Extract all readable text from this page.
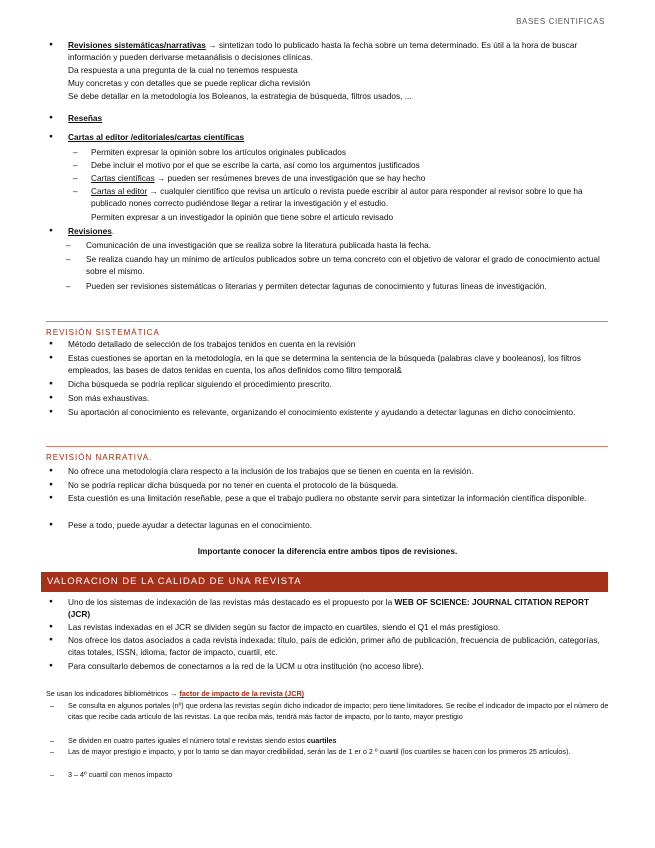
BASES CIENTIFICAS
● Revisiones sistemáticas/narrativas → sintetizan todo lo publicado hasta la fecha sobre un tema determinado. Es útil a la hora de buscar información y pueden derivarse metaanálisis o decisiones clínicas.
Da respuesta a una pregunta de la cual no tenemos respuesta
Muy concretas y con detalles que se puede replicar dicha revisión
Se debe detallar en la metodología los Boleanos, la estrategia de búsqueda, filtros usados, ...
● Reseñas
● Cartas al editor /editoriales/cartas científicas
– Permiten expresar la opinión sobre los artículos originales publicados
– Debe incluir el motivo por el que se escribe la carta, así como los argumentos justificados
– Cartas científicas → pueden ser resúmenes breves de una investigación que se hay hecho
– Cartas al editor → cualquier científico que revisa un artículo o revista puede escribir al autor para responder al revisor sobre lo que ha publicado nones correcto pudiéndose llegar a retirar la investigación y el estudio.
Permiten expresar a un investigador la opinión que tiene sobre el articulo revisado
● Revisiones.
– Comunicación de una investigación que se realiza sobre la literatura publicada hasta la fecha.
– Se realiza cuando hay un mínimo de artículos publicados sobre un tema concreto con el objetivo de valorar el grado de conocimiento actual sobre el mismo.
– Pueden ser revisiones sistemáticas o literarias y permiten detectar lagunas de conocimiento y futuras líneas de investigación.
REVISIÓN SISTEMÁTICA
● Método detallado de selección de los trabajos tenidos en cuenta en la revisión
● Estas cuestiones se aportan en la metodología, en la que se determina la sentencia de la búsqueda (palabras clave y booleanos), los filtros empleados, las bases de datos tenidas en cuenta, los años definidos como filtro temporal&
● Dicha búsqueda se podría replicar siguiendo el procedimiento prescrito.
● Son más exhaustivas.
● Su aportación al conocimiento es relevante, organizando el conocimiento existente y ayudando a detectar lagunas en dicho conocimiento.
REVISIÓN NARRATIVA.
● No ofrece una metodología clara respecto a la inclusión de los trabajos que se tienen en cuenta en la revisión.
● No se podría replicar dicha búsqueda por no tener en cuenta el protocolo de la búsqueda.
● Esta cuestión es una limitación reseñable, pese a que el trabajo pudiera no obstante servir para sintetizar la información científica disponible.
● Pese a todo, puede ayudar a detectar lagunas en el conocimiento.
Importante conocer la diferencia entre ambos tipos de revisiones.
VALORACION DE LA CALIDAD DE UNA REVISTA
● Uno de los sistemas de indexación de las revistas más destacado es el propuesto por la WEB OF SCIENCE: JOURNAL CITATION REPORT (JCR)
● Las revistas indexadas en el JCR se dividen según su factor de impacto en cuartiles, siendo el Q1 el más prestigioso.
● Nos ofrece los datos asociados a cada revista indexada: título, país de edición, primer año de publicación, frecuencia de publicación, categorías, citas totales, ISSN, idioma, factor de impacto, cuartil, etc.
● Para consultarlo debemos de conectarnos a la red de la UCM u otra institución (no acceso libre).
Se usan los indicadores bibliométricos → factor de impacto de la revista (JCR)
– Se consulta en algunos portales (nº) que ordena las revistas según dicho indicador de impacto; pero tiene limitadores. Se recibe el indicador de impacto por el número de citas que recibe cada artículo de las revistas. La que reciba más, tendrá más factor de impacto, por lo tanto, mayor prestigio
– Se dividen en cuatro partes iguales el número total e revistas siendo estos cuartiles
– Las de mayor prestigio e impacto, y por lo tanto se dan mayor credibilidad, serán las de 1 er o 2 º cuartil (los cuartiles se hacen con los primeros 25 artículos).
– 3 – 4º cuartil con menos impacto
